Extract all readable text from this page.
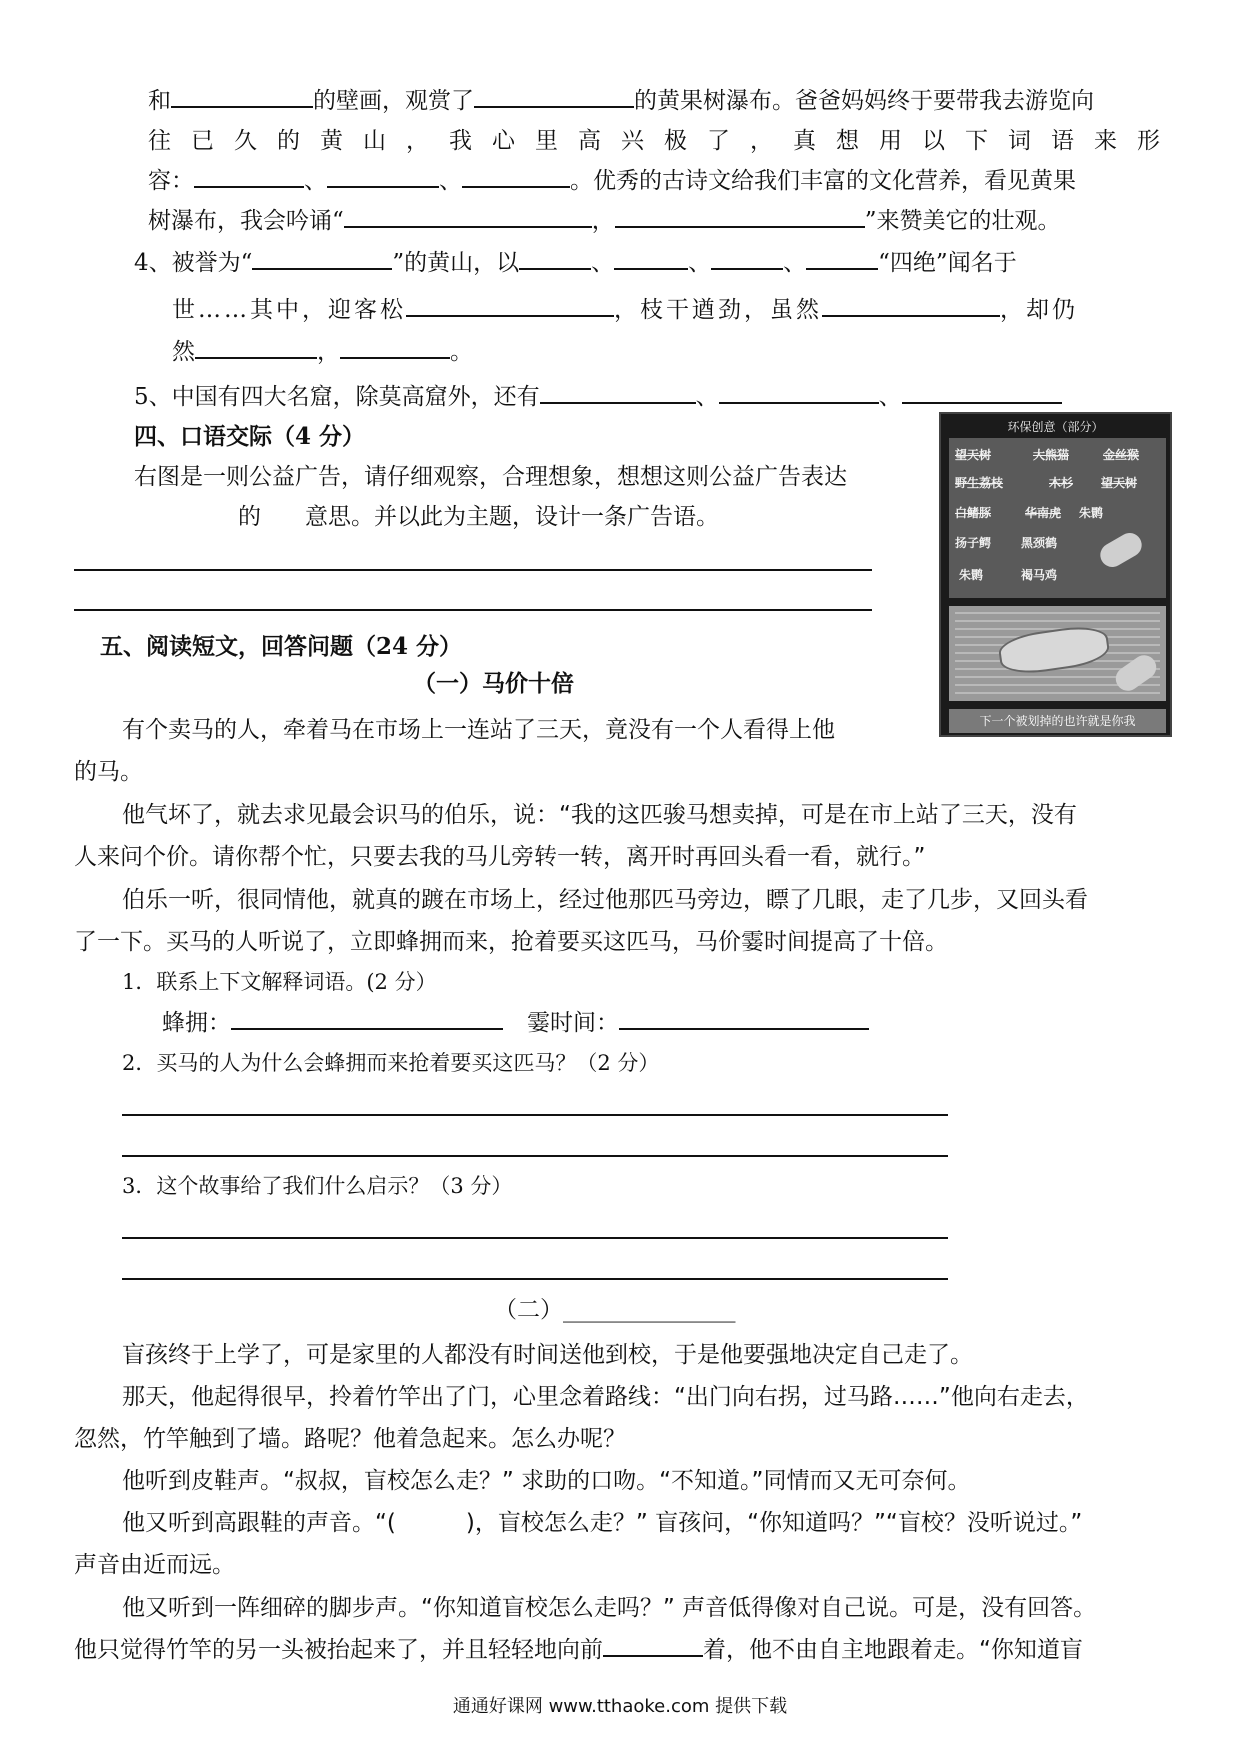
和	的壁画，观赏了	的黄果树瀑布。爸爸妈妈终于要带我去游览向
往 已 久 的 黄 山 ， 我 心 里 高 兴 极 了 ， 真 想 用 以 下 词 语 来 形
容：	、	、	。优秀的古诗文给我们丰富的文化营养，看见黄果
树瀑布，我会吟诵“	，	”来赞美它的壮观。
4、被誉为“	”的黄山，以	、	、	、	“四绝”闻名于
世……其中，迎客松	，枝干遒劲，虽然	，却仍
然	，	。
5、中国有四大名窟，除莫高窟外，还有	、	、
四、口语交际（4 分）
右图是一则公益广告，请仔细观察，合理想象，想想这则公益广告表达
的 意思。并以此为主题，设计一条广告语。
环保创意（部分）
望天树	大熊猫	金丝猴
野生荔枝	木杉 望天树
白鳍豚	华南虎 朱鹮
扬子鳄 黑颈鹤
朱鹮	褐马鸡
下一个被划掉的也许就是你我
五、阅读短文，回答问题（24 分）
（一）马价十倍
有个卖马的人，牵着马在市场上一连站了三天，竟没有一个人看得上他
的马。
他气坏了，就去求见最会识马的伯乐，说：“我的这匹骏马想卖掉，可是在市上站了三天，没有
人来问个价。请你帮个忙，只要去我的马儿旁转一转，离开时再回头看一看，就行。”
伯乐一听，很同情他，就真的踱在市场上，经过他那匹马旁边，瞟了几眼，走了几步，又回头看
了一下。买马的人听说了，立即蜂拥而来，抢着要买这匹马，马价霎时间提高了十倍。
1．联系上下文解释词语。(2 分）
蜂拥：	霎时间：
2．买马的人为什么会蜂拥而来抢着要买这匹马？（2 分）
3．这个故事给了我们什么启示？（3 分）
（二）_______________
盲孩终于上学了，可是家里的人都没有时间送他到校，于是他要强地决定自己走了。
那天，他起得很早，拎着竹竿出了门，心里念着路线：“出门向右拐，过马路……”他向右走去，
忽然，竹竿触到了墙。路呢？他着急起来。怎么办呢？
他听到皮鞋声。“叔叔，盲校怎么走？” 求助的口吻。“不知道。”同情而又无可奈何。
他又听到高跟鞋的声音。“(	)，盲校怎么走？” 盲孩问，“你知道吗？”“盲校？没听说过。”
声音由近而远。
他又听到一阵细碎的脚步声。“你知道盲校怎么走吗？” 声音低得像对自己说。可是，没有回答。
他只觉得竹竿的另一头被抬起来了，并且轻轻地向前	着，他不由自主地跟着走。“你知道盲
通通好课网 www.tthaoke.com 提供下载
